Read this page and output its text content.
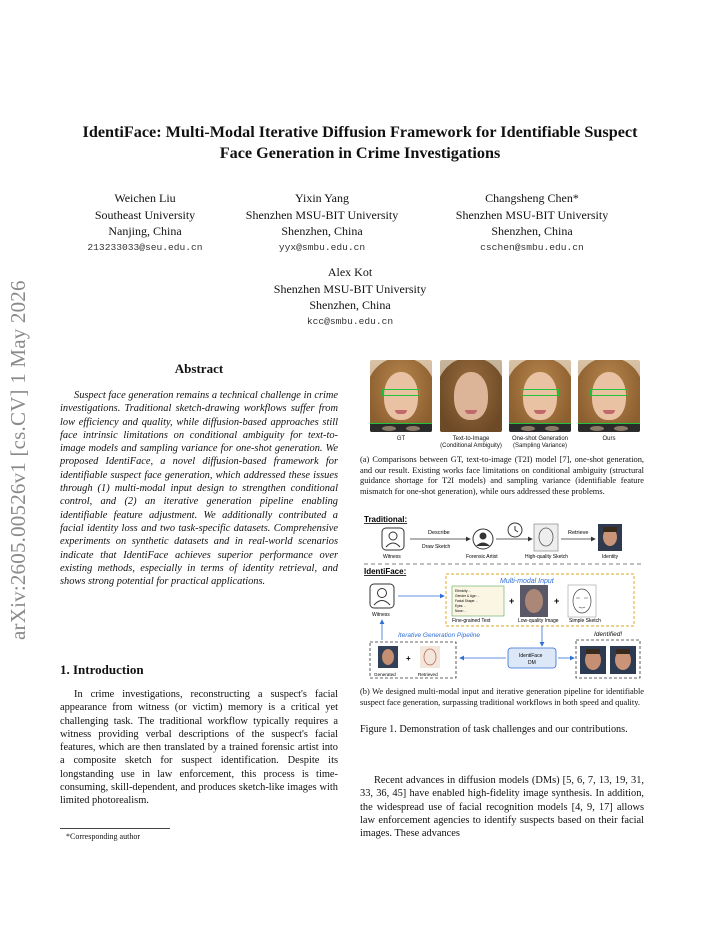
arXiv:2605.00526v1 [cs.CV] 1 May 2026
IdentiFace: Multi-Modal Iterative Diffusion Framework for Identifiable Suspect
Face Generation in Crime Investigations
Weichen Liu
Southeast University
Nanjing, China
213233033@seu.edu.cn
Yixin Yang
Shenzhen MSU-BIT University
Shenzhen, China
yyx@smbu.edu.cn
Changsheng Chen*
Shenzhen MSU-BIT University
Shenzhen, China
cschen@smbu.edu.cn
Alex Kot
Shenzhen MSU-BIT University
Shenzhen, China
kcc@smbu.edu.cn
Abstract

Suspect face generation remains a technical challenge in crime investigations. Traditional sketch-drawing workflows suffer from low efficiency and quality, while diffusion-based approaches still face intrinsic limitations on conditional ambiguity for text-to-image models and sampling variance for one-shot generation. We proposed IdentiFace, a novel diffusion-based framework for identifiable suspect face generation, which addressed these issues through (1) multi-modal input design to strengthen conditional control, and (2) an iterative generation pipeline enabling identifiable feature adjustment. We additionally contributed a facial identity loss and two task-specific datasets. Comprehensive experiments on synthetic datasets and in real-world scenarios indicate that IdentiFace achieves superior performance over existing methods, especially in terms of identity retrieval, and shows strong potential for practical applications.

1. Introduction

In crime investigations, reconstructing a suspect's facial appearance from witness (or victim) memory is a critical yet challenging task. The traditional workflow typically requires a witness providing verbal descriptions of the suspect's facial features, which are then translated by a trained forensic artist into a composite sketch for suspect identification. Despite its longstanding use in law enforcement, this process is time-consuming, skill-dependent, and produces sketch-like images with limited photorealism.

*Corresponding author
GT	Text-to-Image
(Conditional Ambiguity)
One-shot Generation
(Sampling Variance)
Ours

(a) Comparisons between GT, text-to-image (T2I) model [7], one-shot generation, and our result. Existing works face limitations on conditional ambiguity (structural guidance shortage for T2I models) and sampling variance (identifiable feature mismatch for one-shot generation), while ours addressed these problems.

Traditional:
Witness
Describe
Draw Sketch
Forensic Artist	High-quality Sketch
Retrieve
Identity
IdentiFace:
Multi-modal Input
Witness
Ethnicity: ..
Gender & Age: ..
Facial Shape: ..
Eyes: ..
Nose: ..
Fine-grained Text
+
Low-quality Image
+
Simple Sketch
Iterative Generation Pipeline	Identified!
IdentiFace
DM
+
Generated	Retrieved

(b) We designed multi-modal input and iterative generation pipeline for identifiable suspect face generation, surpassing traditional workflows in both speed and quality.

Figure 1. Demonstration of task challenges and our contributions.

Recent advances in diffusion models (DMs) [5, 6, 7, 13, 19, 31, 33, 36, 45] have enabled high-fidelity image synthesis. In addition, the widespread use of facial recognition models [4, 9, 17] allows law enforcement agencies to identify suspects based on their facial images. These advances
